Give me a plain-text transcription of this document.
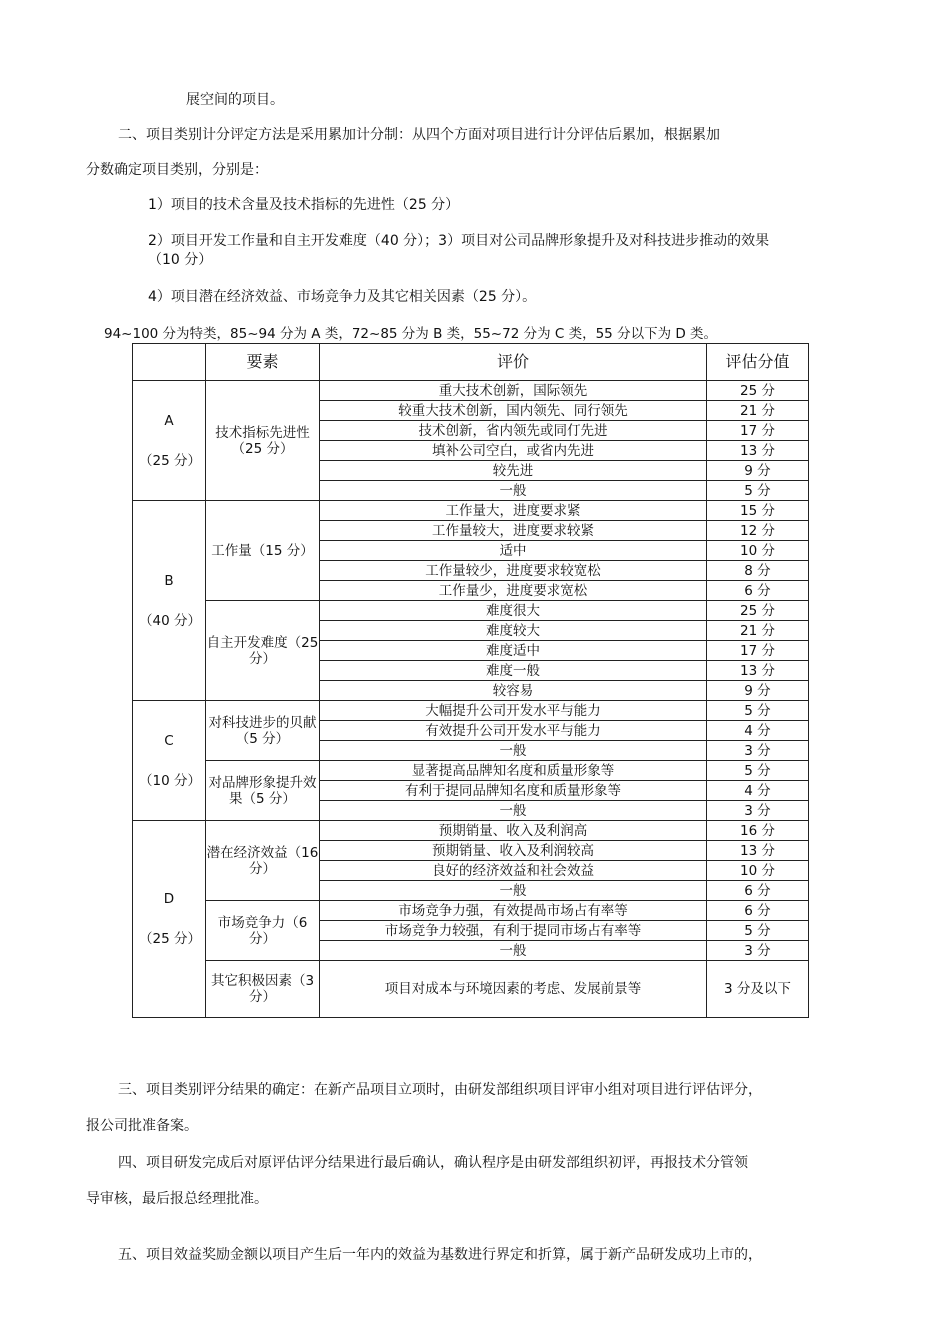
展空间的项目。
二、项目类别计分评定方法是采用累加计分制：从四个方面对项目进行计分评估后累加，根据累加
分数确定项目类别，分别是：
1）项目的技术含量及技术指标的先进性（25 分）
2）项目开发工作量和自主开发难度（40 分）；3）项目对公司品牌形象提升及对科技进步推动的效果
（10 分）
4）项目潜在经济效益、市场竞争力及其它相关因素（25 分）。
94~100 分为特类，85~94 分为 A 类，72~85 分为 B 类，55~72 分为 C 类，55 分以下为 D 类。
	要素	评价	评估分值
A
（25 分）	技术指标先进性（25 分）	重大技术创新，国际领先	25 分
		较重大技术创新，国内领先、同行领先	21 分
		技术创新，省内领先或同仃先进	17 分
		填补公司空白，或省内先进	13 分
		较先进	9 分
		一般	5 分
B
（40 分）	工作量（15 分）	工作量大，进度要求紧	15 分
		工作量较大，进度要求较紧	12 分
		适中	10 分
		工作量较少，进度要求较宽松	8 分
		工作量少，进度要求宽松	6 分
	自主开发难度（25 分）	难度很大	25 分
		难度较大	21 分
		难度适中	17 分
		难度一般	13 分
		较容易	9 分
C
（10 分）	对科技进步的贝献（5 分）	大幅提升公司开发水平与能力	5 分
		有效提升公司开发水平与能力	4 分
		一般	3 分
	对品牌形象提升效果（5 分）	显著提高品牌知名度和质量形象等	5 分
		有利于提同品牌知名度和质量形象等	4 分
		一般	3 分
D
（25 分）	潜在经济效益（16 分）	预期销量、收入及利润高	16 分
		预期销量、收入及利润较高	13 分
		良好的经济效益和社会效益	10 分
		一般	6 分
	市场竞争力（6 分）	市场竞争力强，有效提咼市场占有率等	6 分
		市场竞争力较强，有利于提同市场占有率等	5 分
		一般	3 分
	其它积极因素（3 分）	项目对成本与环境因素的考虑、发展前景等	3 分及以下
三、项目类别评分结果的确定：在新产品项目立项时，由研发部组织项目评审小组对项目进行评估评分，
报公司批准备案。
四、项目研发完成后对原评估评分结果进行最后确认，确认程序是由研发部组织初评，再报技术分管领
导审核，最后报总经理批准。
五、项目效益奖励金额以项目产生后一年内的效益为基数进行界定和折算，属于新产品研发成功上市的，
